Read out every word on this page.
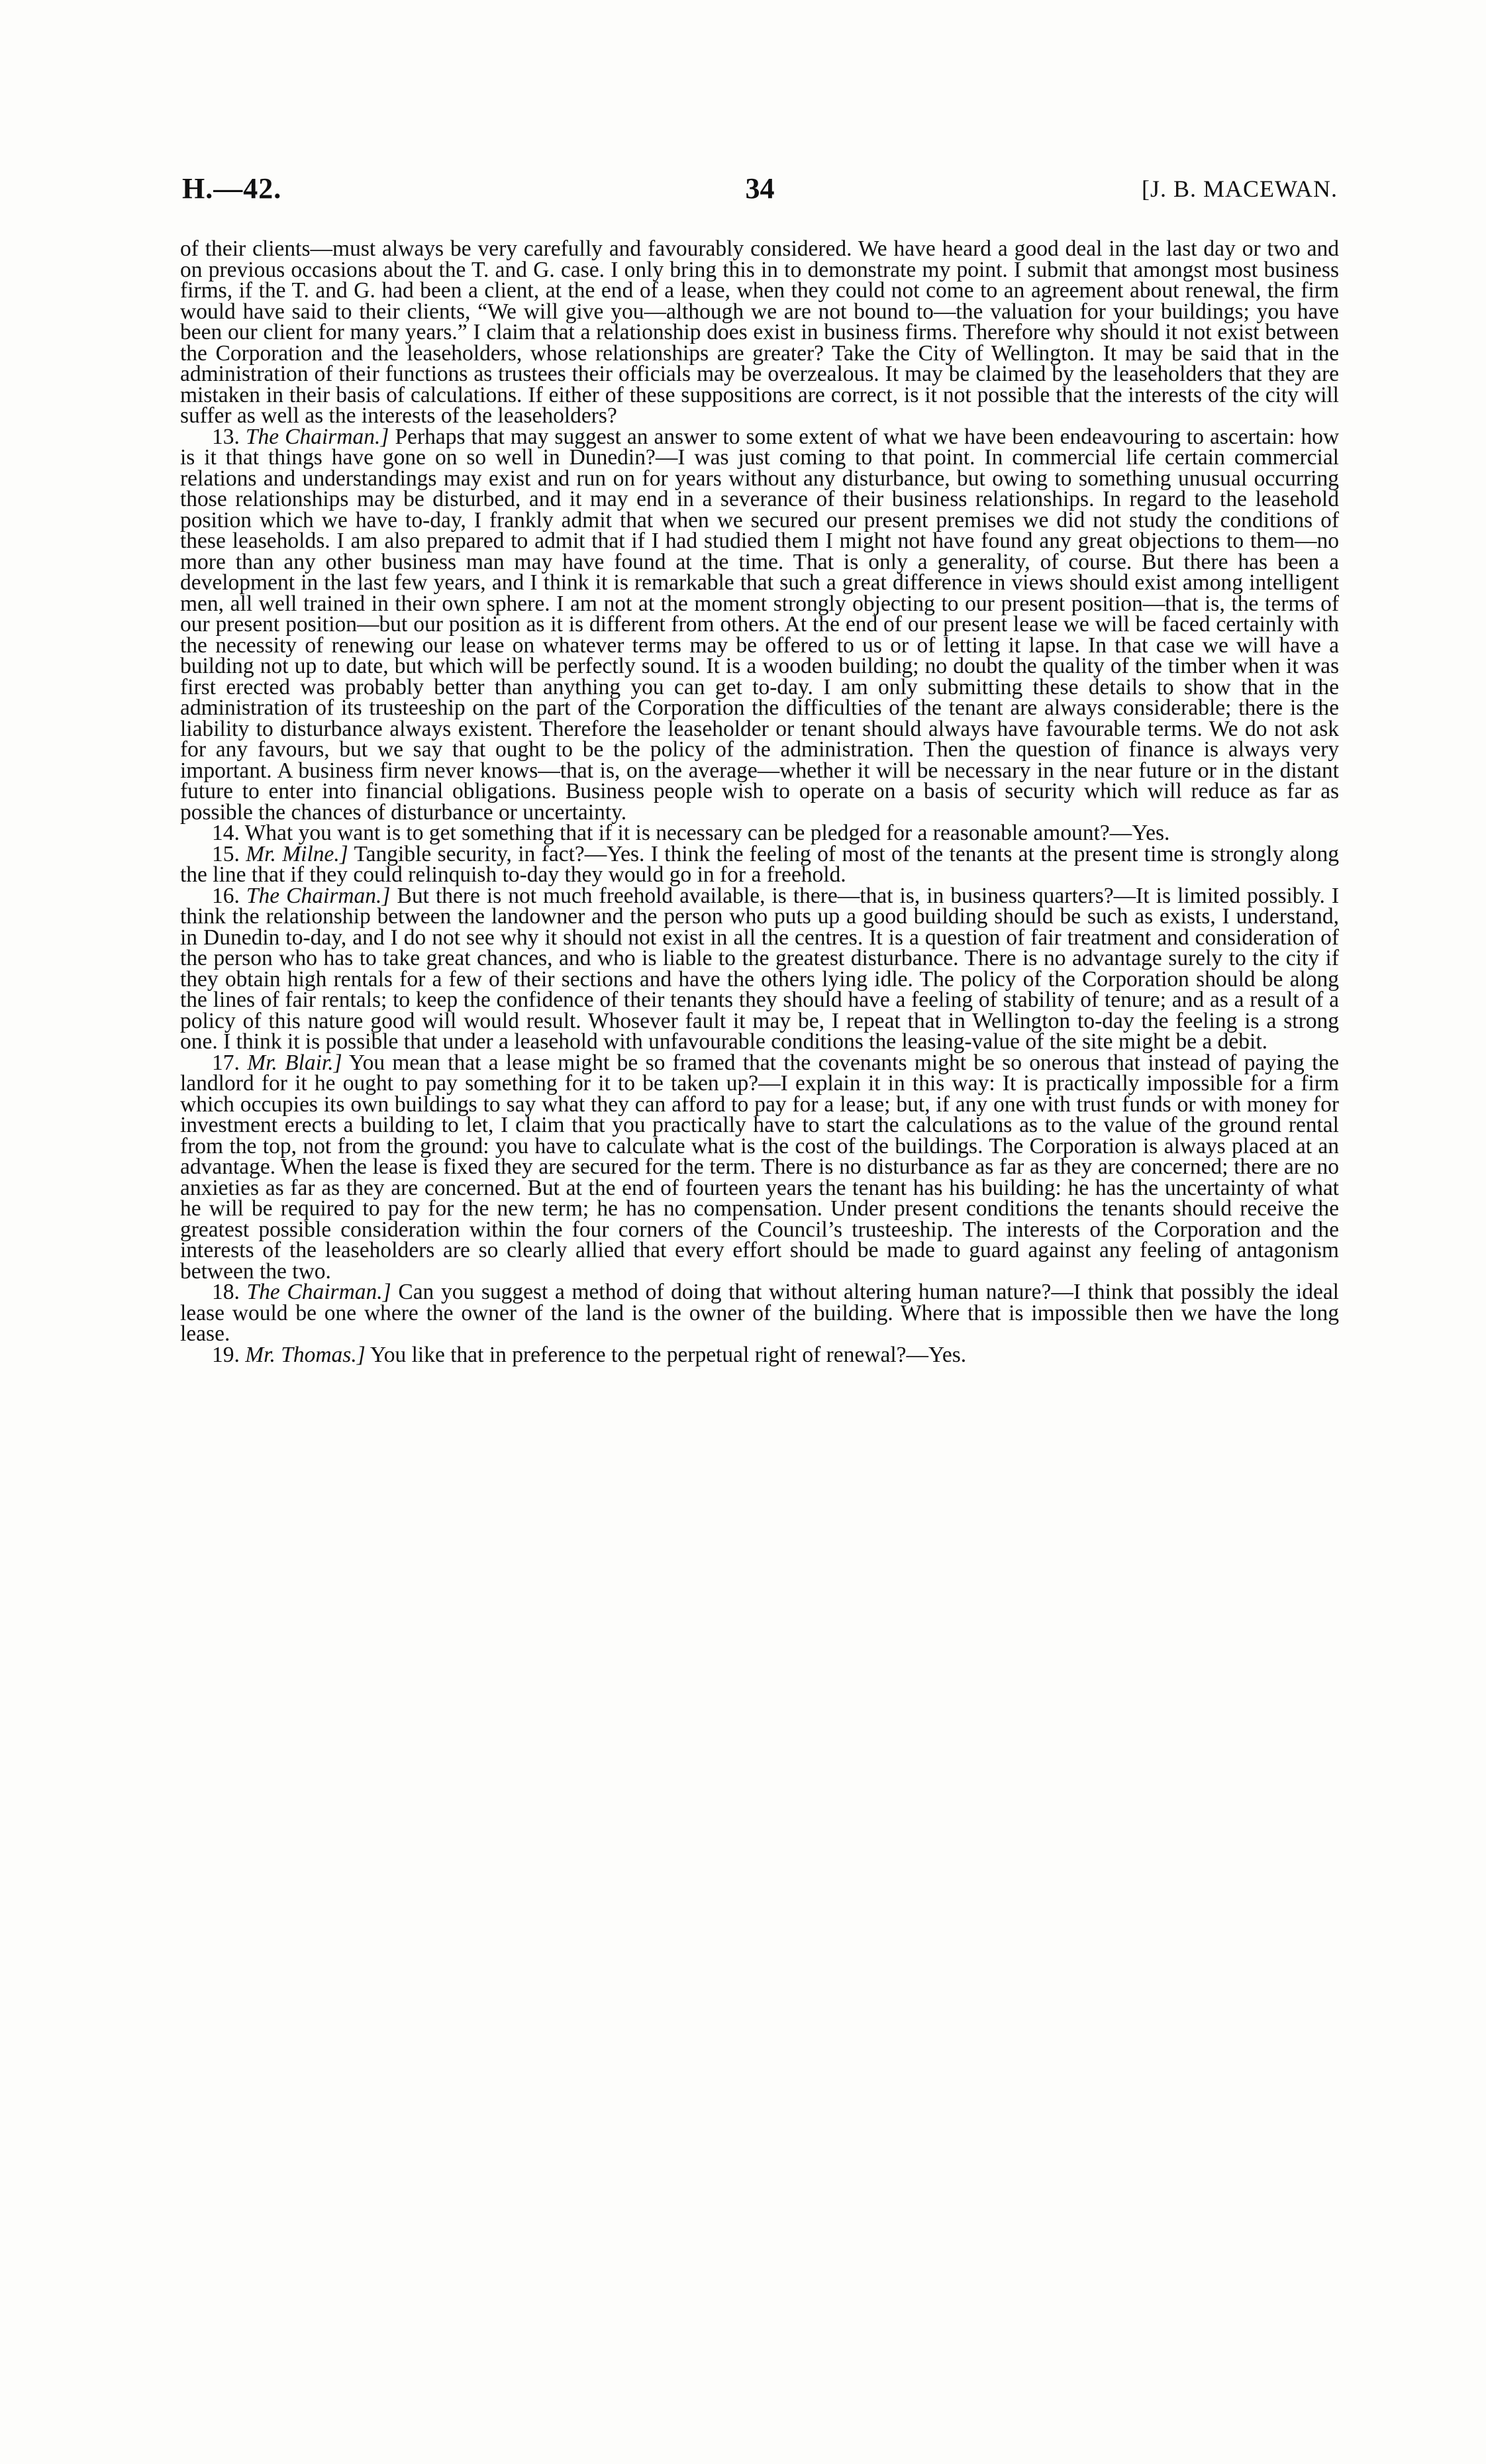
H.—42.	34	[J. B. MACEWAN.

of their clients—must always be very carefully and favourably considered. We have heard a good deal in the last day or two and on previous occasions about the T. and G. case. I only bring this in to demonstrate my point. I submit that amongst most business firms, if the T. and G. had been a client, at the end of a lease, when they could not come to an agreement about renewal, the firm would have said to their clients, “We will give you—although we are not bound to—the valuation for your buildings; you have been our client for many years.” I claim that a relationship does exist in business firms. Therefore why should it not exist between the Corporation and the leaseholders, whose relationships are greater? Take the City of Wellington. It may be said that in the administration of their functions as trustees their officials may be overzealous. It may be claimed by the leaseholders that they are mistaken in their basis of calculations. If either of these suppositions are correct, is it not possible that the interests of the city will suffer as well as the interests of the leaseholders?

13. The Chairman.] Perhaps that may suggest an answer to some extent of what we have been endeavouring to ascertain: how is it that things have gone on so well in Dunedin?—I was just coming to that point. In commercial life certain commercial relations and understandings may exist and run on for years without any disturbance, but owing to something unusual occurring those relationships may be disturbed, and it may end in a severance of their business relationships. In regard to the leasehold position which we have to-day, I frankly admit that when we secured our present premises we did not study the conditions of these leaseholds. I am also prepared to admit that if I had studied them I might not have found any great objections to them—no more than any other business man may have found at the time. That is only a generality, of course. But there has been a development in the last few years, and I think it is remarkable that such a great difference in views should exist among intelligent men, all well trained in their own sphere. I am not at the moment strongly objecting to our present position—that is, the terms of our present position—but our position as it is different from others. At the end of our present lease we will be faced certainly with the necessity of renewing our lease on whatever terms may be offered to us or of letting it lapse. In that case we will have a building not up to date, but which will be perfectly sound. It is a wooden building; no doubt the quality of the timber when it was first erected was probably better than anything you can get to-day. I am only submitting these details to show that in the administration of its trusteeship on the part of the Corporation the difficulties of the tenant are always considerable; there is the liability to disturbance always existent. Therefore the leaseholder or tenant should always have favourable terms. We do not ask for any favours, but we say that ought to be the policy of the administration. Then the question of finance is always very important. A business firm never knows—that is, on the average—whether it will be necessary in the near future or in the distant future to enter into financial obligations. Business people wish to operate on a basis of security which will reduce as far as possible the chances of disturbance or uncertainty.

14. What you want is to get something that if it is necessary can be pledged for a reasonable amount?—Yes.

15. Mr. Milne.] Tangible security, in fact?—Yes. I think the feeling of most of the tenants at the present time is strongly along the line that if they could relinquish to-day they would go in for a freehold.

16. The Chairman.] But there is not much freehold available, is there—that is, in business quarters?—It is limited possibly. I think the relationship between the landowner and the person who puts up a good building should be such as exists, I understand, in Dunedin to-day, and I do not see why it should not exist in all the centres. It is a question of fair treatment and consideration of the person who has to take great chances, and who is liable to the greatest disturbance. There is no advantage surely to the city if they obtain high rentals for a few of their sections and have the others lying idle. The policy of the Corporation should be along the lines of fair rentals; to keep the confidence of their tenants they should have a feeling of stability of tenure; and as a result of a policy of this nature good will would result. Whosever fault it may be, I repeat that in Wellington to-day the feeling is a strong one. I think it is possible that under a leasehold with unfavourable conditions the leasing-value of the site might be a debit.

17. Mr. Blair.] You mean that a lease might be so framed that the covenants might be so onerous that instead of paying the landlord for it he ought to pay something for it to be taken up?—I explain it in this way: It is practically impossible for a firm which occupies its own buildings to say what they can afford to pay for a lease; but, if any one with trust funds or with money for investment erects a building to let, I claim that you practically have to start the calculations as to the value of the ground rental from the top, not from the ground: you have to calculate what is the cost of the buildings. The Corporation is always placed at an advantage. When the lease is fixed they are secured for the term. There is no disturbance as far as they are concerned; there are no anxieties as far as they are concerned. But at the end of fourteen years the tenant has his building: he has the uncertainty of what he will be required to pay for the new term; he has no compensation. Under present conditions the tenants should receive the greatest possible consideration within the four corners of the Council’s trusteeship. The interests of the Corporation and the interests of the leaseholders are so clearly allied that every effort should be made to guard against any feeling of antagonism between the two.

18. The Chairman.] Can you suggest a method of doing that without altering human nature?—I think that possibly the ideal lease would be one where the owner of the land is the owner of the building. Where that is impossible then we have the long lease.

19. Mr. Thomas.] You like that in preference to the perpetual right of renewal?—Yes.
